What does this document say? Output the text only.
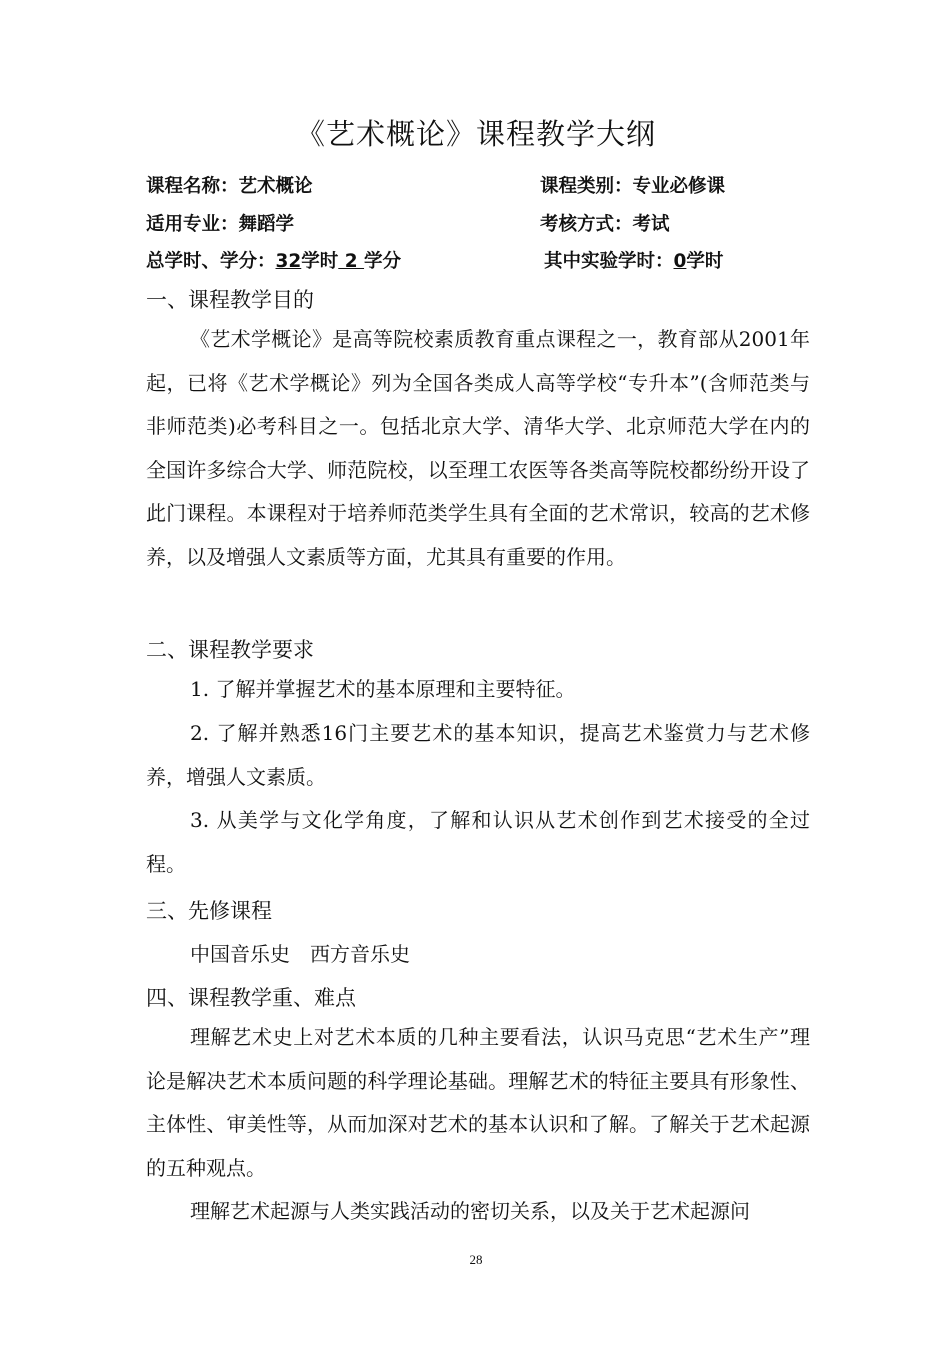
《艺术概论》课程教学大纲
课程名称：艺术概论	课程类别：专业必修课
适用专业：舞蹈学	考核方式：考试
总学时、学分：32学时 2 学分	其中实验学时：0学时
一、课程教学目的

《艺术学概论》是高等院校素质教育重点课程之一，教育部从2001年起，已将《艺术学概论》列为全国各类成人高等学校“专升本”(含师范类与非师范类)必考科目之一。包括北京大学、清华大学、北京师范大学在内的全国许多综合大学、师范院校，以至理工农医等各类高等院校都纷纷开设了此门课程。本课程对于培养师范类学生具有全面的艺术常识，较高的艺术修养，以及增强人文素质等方面，尤其具有重要的作用。

二、课程教学要求

1. 了解并掌握艺术的基本原理和主要特征。

2. 了解并熟悉16门主要艺术的基本知识，提高艺术鉴赏力与艺术修养，增强人文素质。

3. 从美学与文化学角度，了解和认识从艺术创作到艺术接受的全过程。

三、先修课程

中国音乐史　西方音乐史

四、课程教学重、难点

理解艺术史上对艺术本质的几种主要看法，认识马克思“艺术生产”理论是解决艺术本质问题的科学理论基础。理解艺术的特征主要具有形象性、主体性、审美性等，从而加深对艺术的基本认识和了解。了解关于艺术起源的五种观点。

理解艺术起源与人类实践活动的密切关系，以及关于艺术起源问

28
